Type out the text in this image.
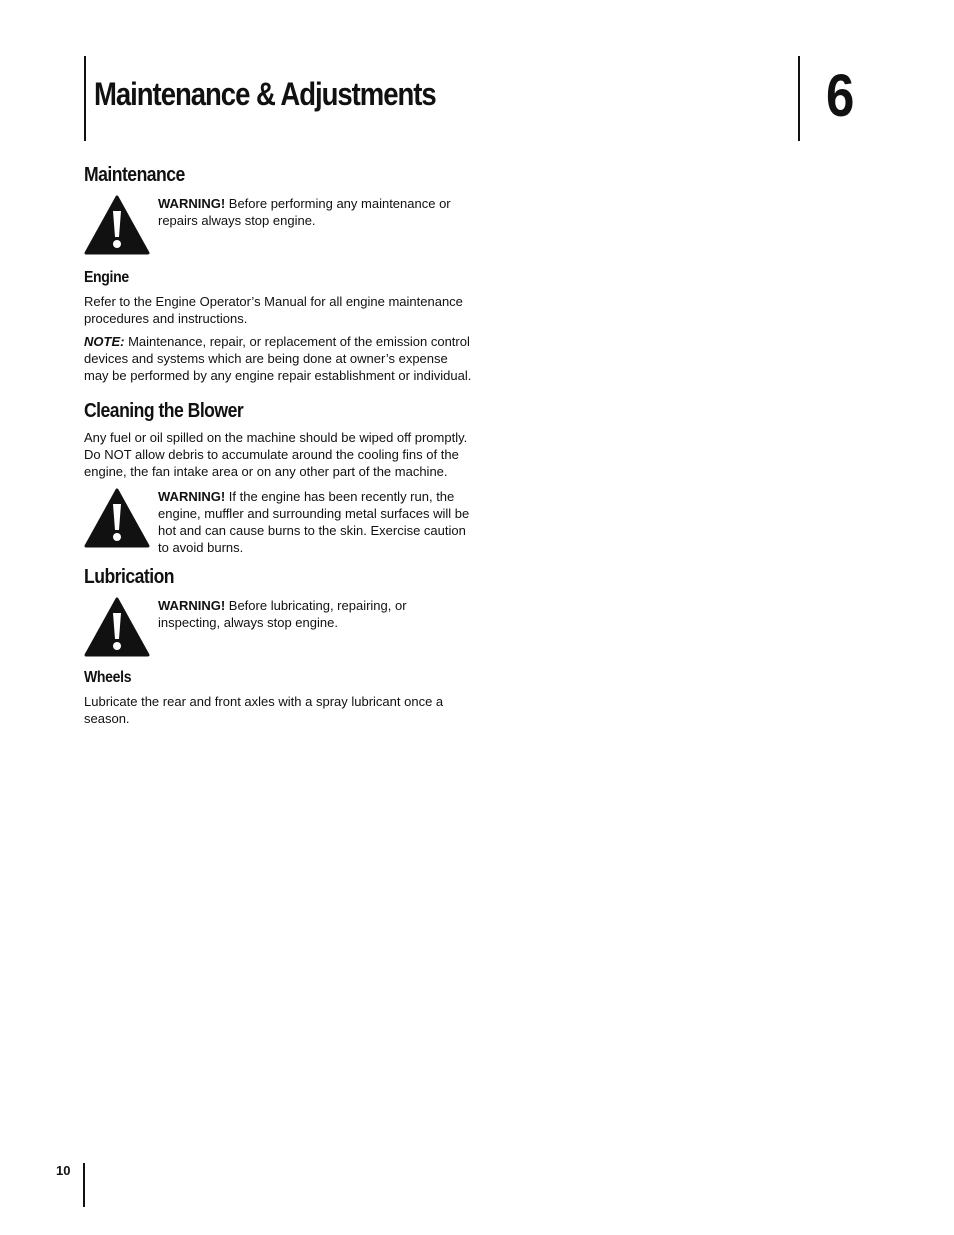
Maintenance & Adjustments	6
Maintenance
WARNING! Before performing any maintenance or repairs always stop engine.
Engine

Refer to the Engine Operator’s Manual for all engine maintenance procedures and instructions.

NOTE: Maintenance, repair, or replacement of the emission control devices and systems which are being done at owner’s expense may be performed by any engine repair establishment or individual.

Cleaning the Blower

Any fuel or oil spilled on the machine should be wiped off promptly. Do NOT allow debris to accumulate around the cooling fins of the engine, the fan intake area or on any other part of the machine.

WARNING! If the engine has been recently run, the engine, muffler and surrounding metal surfaces will be hot and can cause burns to the skin. Exercise caution to avoid burns.
Lubrication
WARNING! Before lubricating, repairing, or inspecting, always stop engine.
Wheels

Lubricate the rear and front axles with a spray lubricant once a season.

10
